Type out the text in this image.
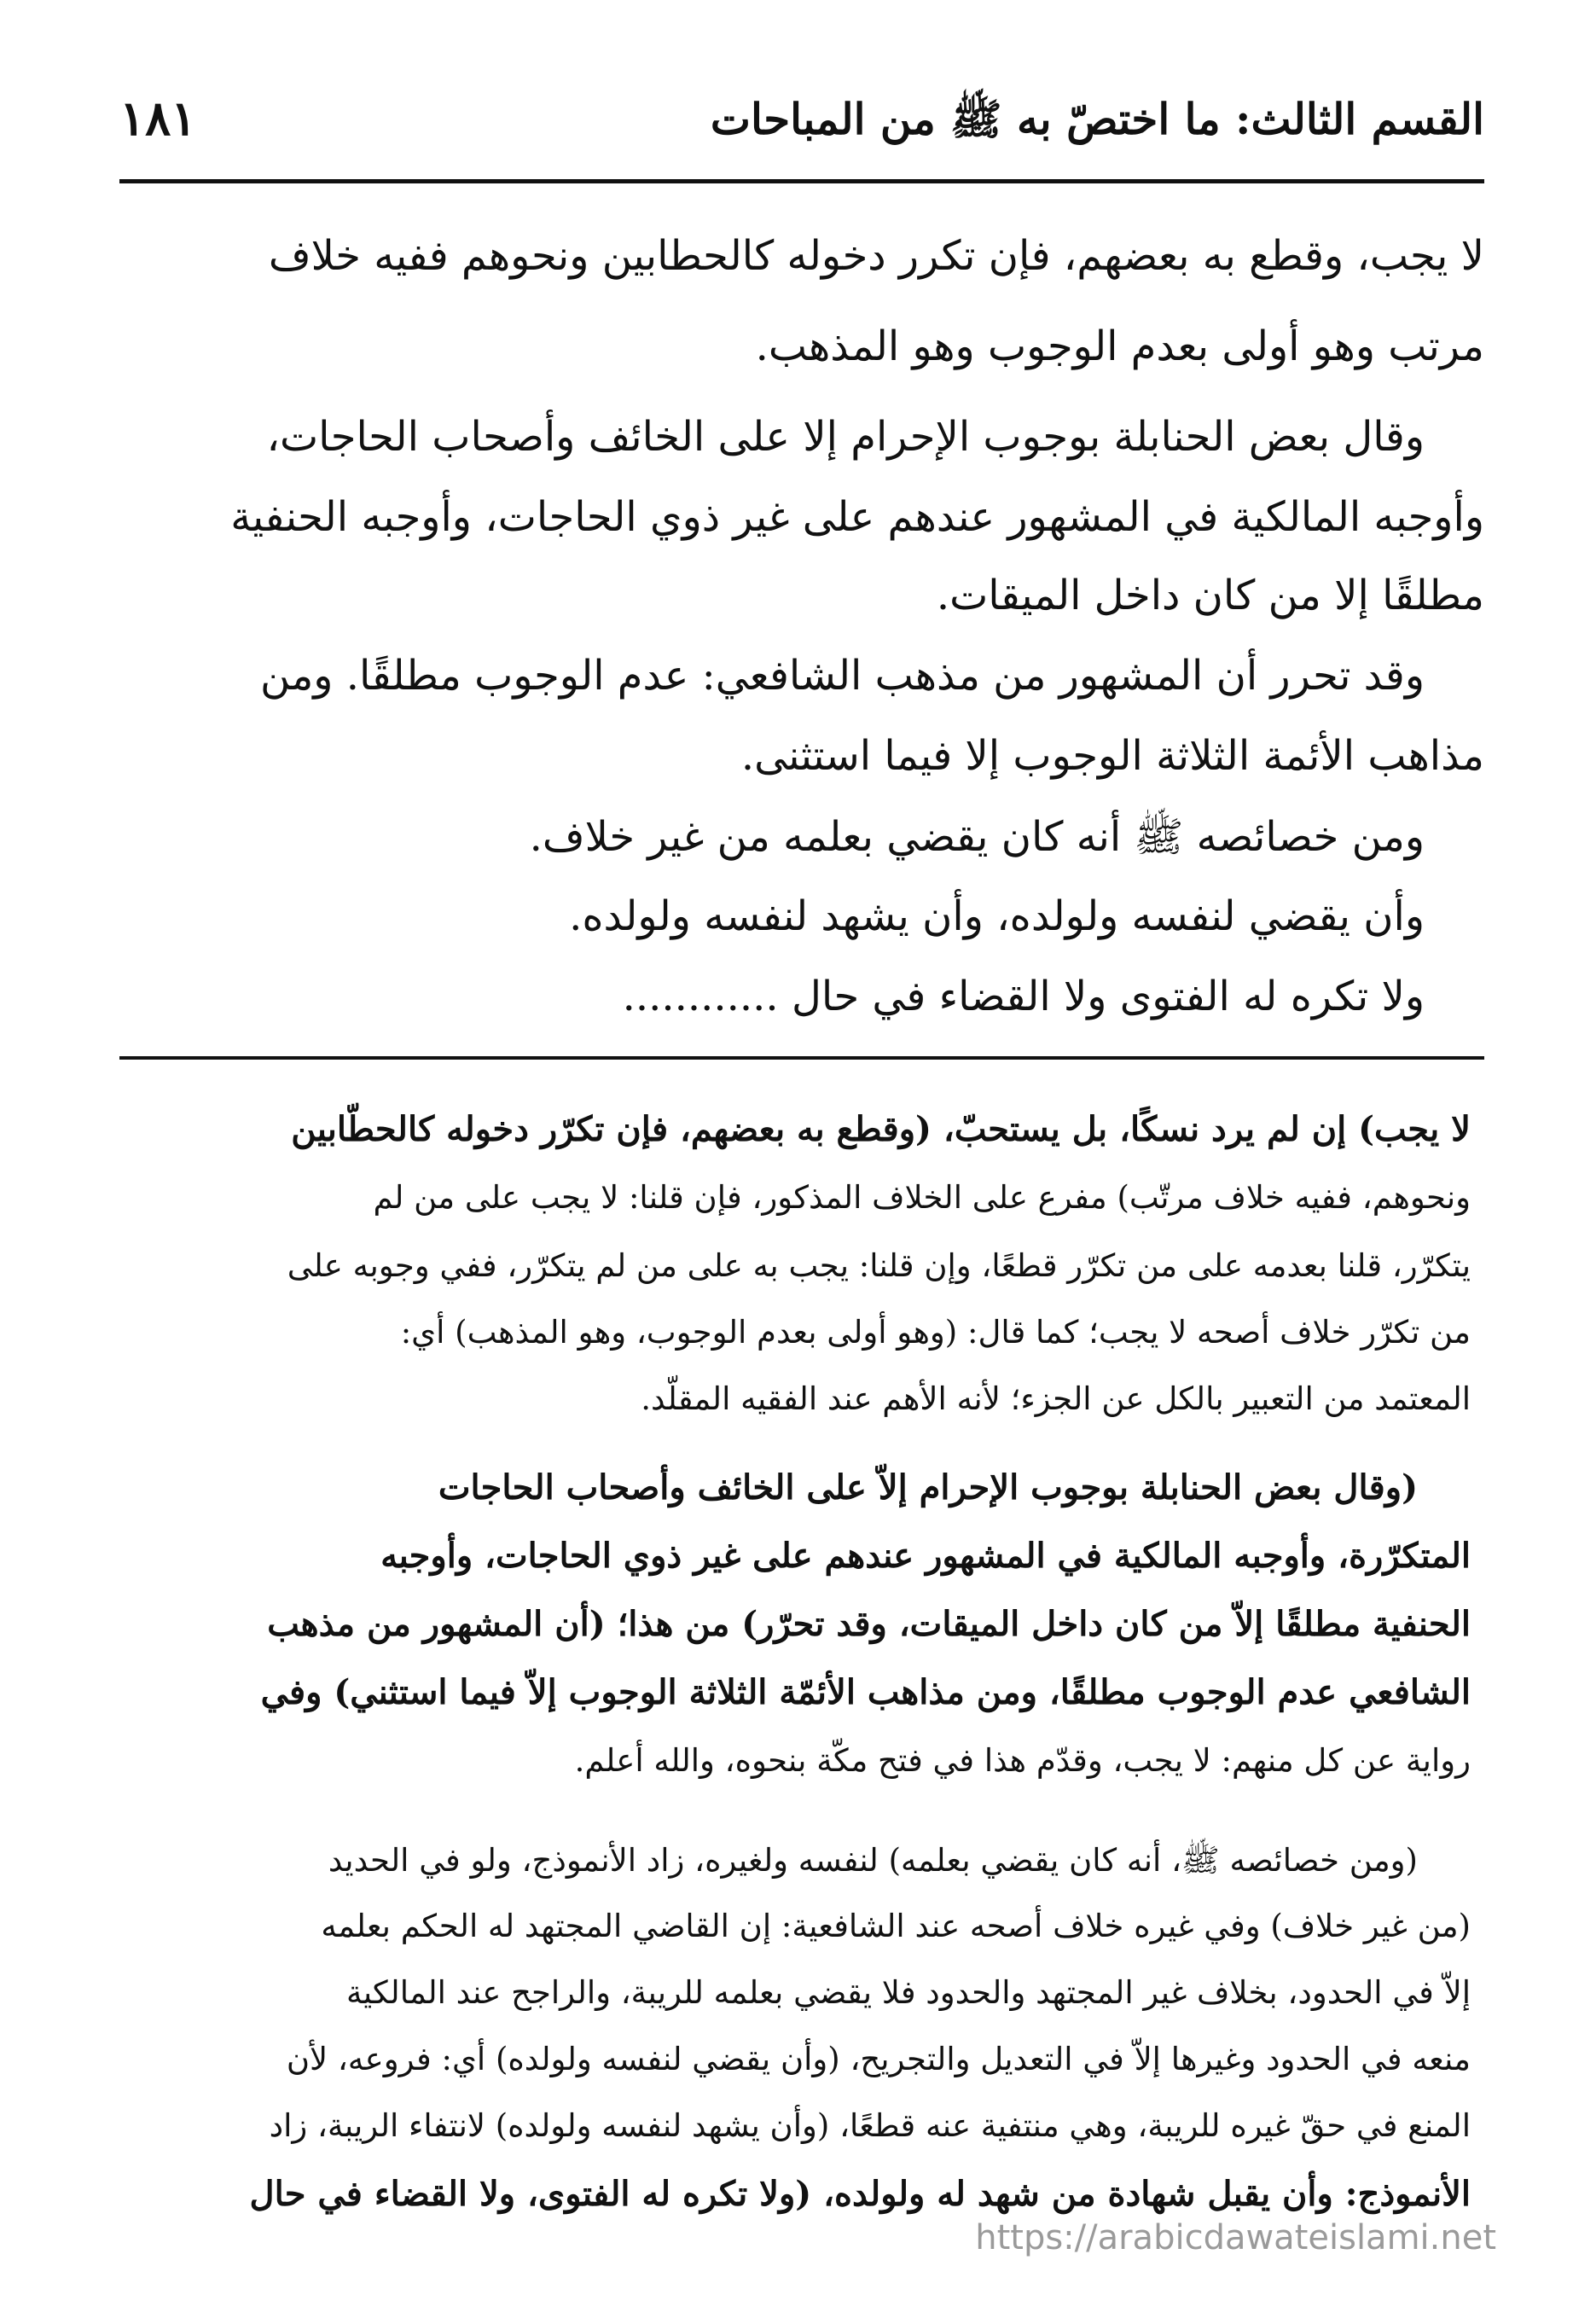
القسم الثالث: ما اختصّ به ﷺ من المباحات
١٨١
لا يجب، وقطع به بعضهم، فإن تكرر دخوله كالحطابين ونحوهم ففيه خلاف
مرتب وهو أولى بعدم الوجوب وهو المذهب.
وقال بعض الحنابلة بوجوب الإحرام إلا على الخائف وأصحاب الحاجات،
وأوجبه المالكية في المشهور عندهم على غير ذوي الحاجات، وأوجبه الحنفية
مطلقًا إلا من كان داخل الميقات.
وقد تحرر أن المشهور من مذهب الشافعي: عدم الوجوب مطلقًا. ومن
مذاهب الأئمة الثلاثة الوجوب إلا فيما استثنى.
ومن خصائصه ﷺ أنه كان يقضي بعلمه من غير خلاف.
وأن يقضي لنفسه ولولده، وأن يشهد لنفسه ولولده.
ولا تكره له الفتوى ولا القضاء في حال ............
لا يجب) إن لم يرد نسكًا، بل يستحبّ، (وقطع به بعضهم، فإن تكرّر دخوله كالحطّابين
ونحوهم، ففيه خلاف مرتّب) مفرع على الخلاف المذكور، فإن قلنا: لا يجب على من لم
يتكرّر، قلنا بعدمه على من تكرّر قطعًا، وإن قلنا: يجب به على من لم يتكرّر، ففي وجوبه على
من تكرّر خلاف أصحه لا يجب؛ كما قال: (وهو أولى بعدم الوجوب، وهو المذهب) أي:
المعتمد من التعبير بالكل عن الجزء؛ لأنه الأهم عند الفقيه المقلّد.
(وقال بعض الحنابلة بوجوب الإحرام إلاّ على الخائف وأصحاب الحاجات
المتكرّرة، وأوجبه المالكية في المشهور عندهم على غير ذوي الحاجات، وأوجبه
الحنفية مطلقًا إلاّ من كان داخل الميقات، وقد تحرّر) من هذا؛ (أن المشهور من مذهب
الشافعي عدم الوجوب مطلقًا، ومن مذاهب الأئمّة الثلاثة الوجوب إلاّ فيما استثني) وفي
رواية عن كل منهم: لا يجب، وقدّم هذا في فتح مكّة بنحوه، والله أعلم.
(ومن خصائصه ﷺ، أنه كان يقضي بعلمه) لنفسه ولغيره، زاد الأنموذج، ولو في الحديد
(من غير خلاف) وفي غيره خلاف أصحه عند الشافعية: إن القاضي المجتهد له الحكم بعلمه
إلاّ في الحدود، بخلاف غير المجتهد والحدود فلا يقضي بعلمه للريبة، والراجح عند المالكية
منعه في الحدود وغيرها إلاّ في التعديل والتجريح، (وأن يقضي لنفسه ولولده) أي: فروعه، لأن
المنع في حقّ غيره للريبة، وهي منتفية عنه قطعًا، (وأن يشهد لنفسه ولولده) لانتفاء الريبة، زاد
الأنموذج: وأن يقبل شهادة من شهد له ولولده، (ولا تكره له الفتوى، ولا القضاء في حال
https://arabicdawateislami.net
